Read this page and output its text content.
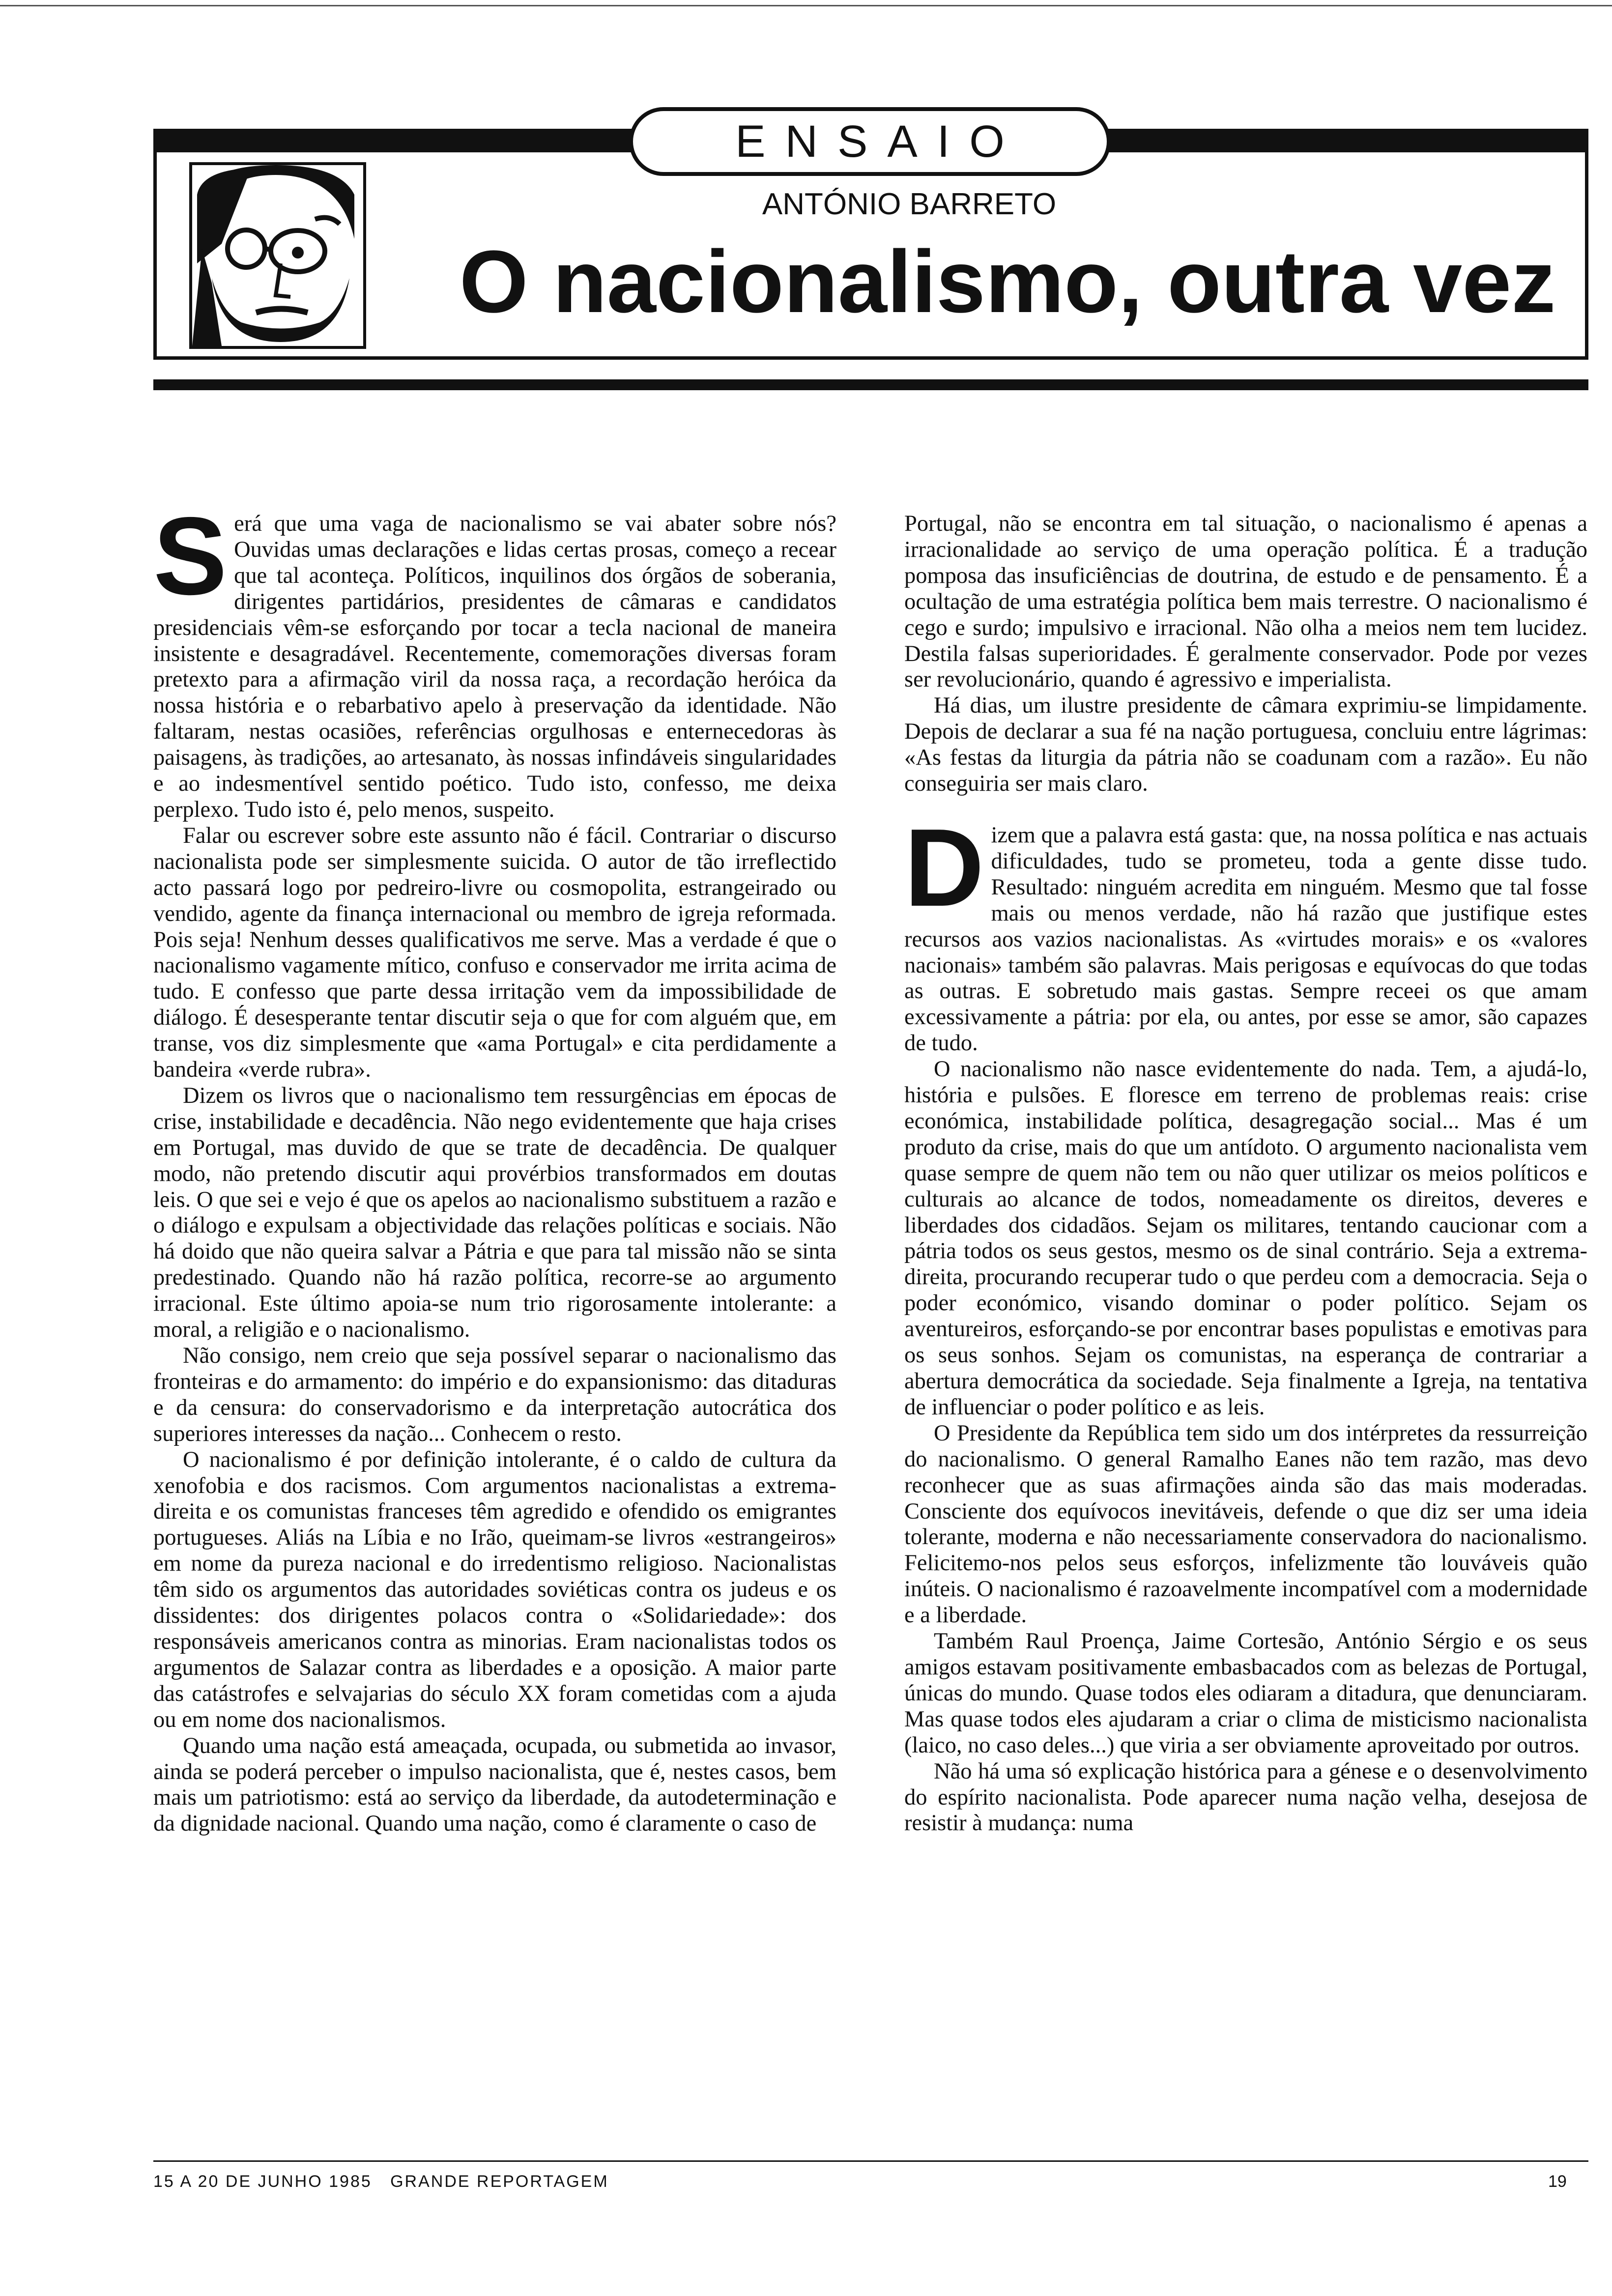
ENSAIO
ANTÓNIO BARRETO
O nacionalismo, outra vez

Será que uma vaga de nacionalismo se vai abater sobre nós? Ouvidas umas declarações e lidas certas prosas, começo a recear que tal aconteça. Políticos, inquilinos dos órgãos de soberania, dirigentes partidários, presidentes de câmaras e candidatos presidenciais vêm-se esforçando por tocar a tecla nacional de maneira insistente e desagradável. Recentemente, comemorações diversas foram pretexto para a afirmação viril da nossa raça, a recordação heróica da nossa história e o rebarbativo apelo à preservação da identidade. Não faltaram, nestas ocasiões, referências orgulhosas e enternecedoras às paisagens, às tradições, ao artesanato, às nossas infindáveis singularidades e ao indesmentível sentido poético. Tudo isto, confesso, me deixa perplexo. Tudo isto é, pelo menos, suspeito.

Falar ou escrever sobre este assunto não é fácil. Contrariar o discurso nacionalista pode ser simplesmente suicida. O autor de tão irreflectido acto passará logo por pedreiro-livre ou cosmopolita, estrangeirado ou vendido, agente da finança internacional ou membro de igreja reformada. Pois seja! Nenhum desses qualificativos me serve. Mas a verdade é que o nacionalismo vagamente mítico, confuso e conservador me irrita acima de tudo. E confesso que parte dessa irritação vem da impossibilidade de diálogo. É desesperante tentar discutir seja o que for com alguém que, em transe, vos diz simplesmente que «ama Portugal» e cita perdidamente a bandeira «verde rubra».

Dizem os livros que o nacionalismo tem ressurgências em épocas de crise, instabilidade e decadência. Não nego evidentemente que haja crises em Portugal, mas duvido de que se trate de decadência. De qualquer modo, não pretendo discutir aqui provérbios transformados em doutas leis. O que sei e vejo é que os apelos ao nacionalismo substituem a razão e o diálogo e expulsam a objectividade das relações políticas e sociais. Não há doido que não queira salvar a Pátria e que para tal missão não se sinta predestinado. Quando não há razão política, recorre-se ao argumento irracional. Este último apoia-se num trio rigorosamente intolerante: a moral, a religião e o nacionalismo.

Não consigo, nem creio que seja possível separar o nacionalismo das fronteiras e do armamento: do império e do expansionismo: das ditaduras e da censura: do conservadorismo e da interpretação autocrática dos superiores interesses da nação... Conhecem o resto.

O nacionalismo é por definição intolerante, é o caldo de cultura da xenofobia e dos racismos. Com argumentos nacionalistas a extrema-direita e os comunistas franceses têm agredido e ofendido os emigrantes portugueses. Aliás na Líbia e no Irão, queimam-se livros «estrangeiros» em nome da pureza nacional e do irredentismo religioso. Nacionalistas têm sido os argumentos das autoridades soviéticas contra os judeus e os dissidentes: dos dirigentes polacos contra o «Solidariedade»: dos responsáveis americanos contra as minorias. Eram nacionalistas todos os argumentos de Salazar contra as liberdades e a oposição. A maior parte das catástrofes e selvajarias do século XX foram cometidas com a ajuda ou em nome dos nacionalismos.

Quando uma nação está ameaçada, ocupada, ou submetida ao invasor, ainda se poderá perceber o impulso nacionalista, que é, nestes casos, bem mais um patriotismo: está ao serviço da liberdade, da autodeterminação e da dignidade nacional. Quando uma nação, como é claramente o caso de

Portugal, não se encontra em tal situação, o nacionalismo é apenas a irracionalidade ao serviço de uma operação política. É a tradução pomposa das insuficiências de doutrina, de estudo e de pensamento. É a ocultação de uma estratégia política bem mais terrestre. O nacionalismo é cego e surdo; impulsivo e irracional. Não olha a meios nem tem lucidez. Destila falsas superioridades. É geralmente conservador. Pode por vezes ser revolucionário, quando é agressivo e imperialista.

Há dias, um ilustre presidente de câmara exprimiu-se limpidamente. Depois de declarar a sua fé na nação portuguesa, concluiu entre lágrimas: «As festas da liturgia da pátria não se coadunam com a razão». Eu não conseguiria ser mais claro.

Dizem que a palavra está gasta: que, na nossa política e nas actuais dificuldades, tudo se prometeu, toda a gente disse tudo. Resultado: ninguém acredita em ninguém. Mesmo que tal fosse mais ou menos verdade, não há razão que justifique estes recursos aos vazios nacionalistas. As «virtudes morais» e os «valores nacionais» também são palavras. Mais perigosas e equívocas do que todas as outras. E sobretudo mais gastas. Sempre receei os que amam excessivamente a pátria: por ela, ou antes, por esse se amor, são capazes de tudo.

O nacionalismo não nasce evidentemente do nada. Tem, a ajudá-lo, história e pulsões. E floresce em terreno de problemas reais: crise económica, instabilidade política, desagregação social... Mas é um produto da crise, mais do que um antídoto. O argumento nacionalista vem quase sempre de quem não tem ou não quer utilizar os meios políticos e culturais ao alcance de todos, nomeadamente os direitos, deveres e liberdades dos cidadãos. Sejam os militares, tentando caucionar com a pátria todos os seus gestos, mesmo os de sinal contrário. Seja a extrema-direita, procurando recuperar tudo o que perdeu com a democracia. Seja o poder económico, visando dominar o poder político. Sejam os aventureiros, esforçando-se por encontrar bases populistas e emotivas para os seus sonhos. Sejam os comunistas, na esperança de contrariar a abertura democrática da sociedade. Seja finalmente a Igreja, na tentativa de influenciar o poder político e as leis.

O Presidente da República tem sido um dos intérpretes da ressurreição do nacionalismo. O general Ramalho Eanes não tem razão, mas devo reconhecer que as suas afirmações ainda são das mais moderadas. Consciente dos equívocos inevitáveis, defende o que diz ser uma ideia tolerante, moderna e não necessariamente conservadora do nacionalismo. Felicitemo-nos pelos seus esforços, infelizmente tão louváveis quão inúteis. O nacionalismo é razoavelmente incompatível com a modernidade e a liberdade.

Também Raul Proença, Jaime Cortesão, António Sérgio e os seus amigos estavam positivamente embasbacados com as belezas de Portugal, únicas do mundo. Quase todos eles odiaram a ditadura, que denunciaram. Mas quase todos eles ajudaram a criar o clima de misticismo nacionalista (laico, no caso deles...) que viria a ser obviamente aproveitado por outros.

Não há uma só explicação histórica para a génese e o desenvolvimento do espírito nacionalista. Pode aparecer numa nação velha, desejosa de resistir à mudança: numa

15 A 20 DE JUNHO 1985   GRANDE REPORTAGEM	19
